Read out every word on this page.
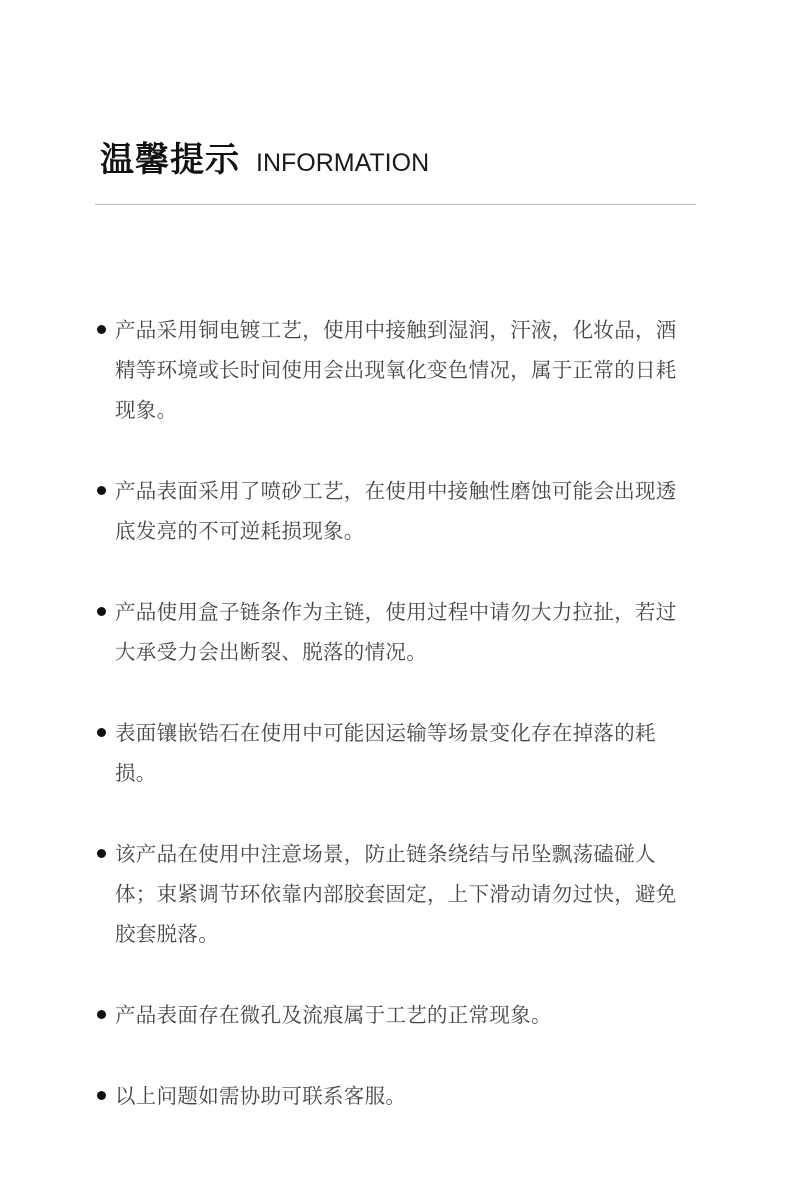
温馨提示 INFORMATION
产品采用铜电镀工艺，使用中接触到湿润，汗液，化妆品，酒精等环境或长时间使用会出现氧化变色情况，属于正常的日耗现象。
产品表面采用了喷砂工艺，在使用中接触性磨蚀可能会出现透底发亮的不可逆耗损现象。
产品使用盒子链条作为主链，使用过程中请勿大力拉扯，若过大承受力会出断裂、脱落的情况。
表面镶嵌锆石在使用中可能因运输等场景变化存在掉落的耗损。
该产品在使用中注意场景，防止链条绕结与吊坠飘荡磕碰人体；束紧调节环依靠内部胶套固定，上下滑动请勿过快，避免胶套脱落。
产品表面存在微孔及流痕属于工艺的正常现象。
以上问题如需协助可联系客服。
